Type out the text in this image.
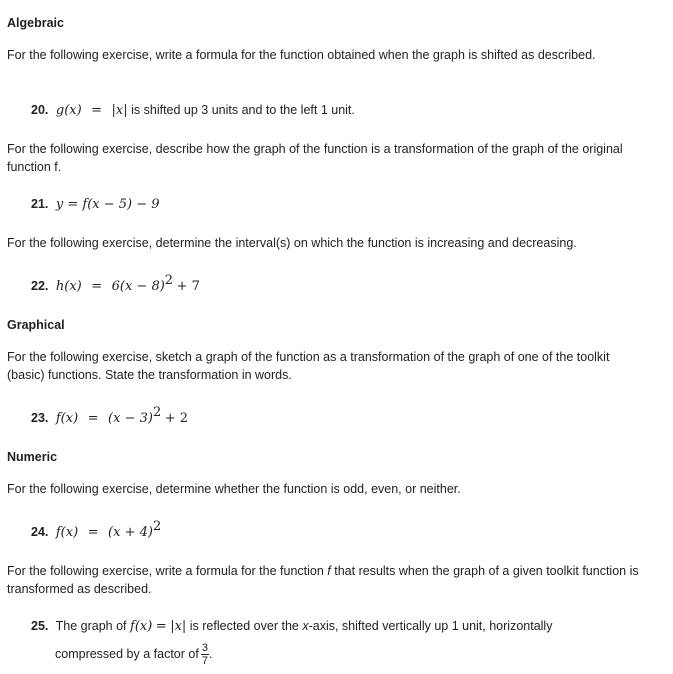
Algebraic
For the following exercise, write a formula for the function obtained when the graph is shifted as described.
20. g(x) = |x| is shifted up 3 units and to the left 1 unit.
For the following exercise, describe how the graph of the function is a transformation of the graph of the original function f.
21. y = f(x − 5) − 9
For the following exercise, determine the interval(s) on which the function is increasing and decreasing.
22. $h(x) = 6(x - 8)^2 + 7$
Graphical
For the following exercise, sketch a graph of the function as a transformation of the graph of one of the toolkit (basic) functions. State the transformation in words.
23. $f(x) = (x - 3)^2 + 2$
Numeric
For the following exercise, determine whether the function is odd, even, or neither.
24. $f(x) = (x + 4)^2$
For the following exercise, write a formula for the function f that results when the graph of a given toolkit function is transformed as described.
25. The graph of f(x) = |x| is reflected over the x-axis, shifted vertically up 1 unit, horizontally
compressed by a factor of $\frac{3}{7}$ .
